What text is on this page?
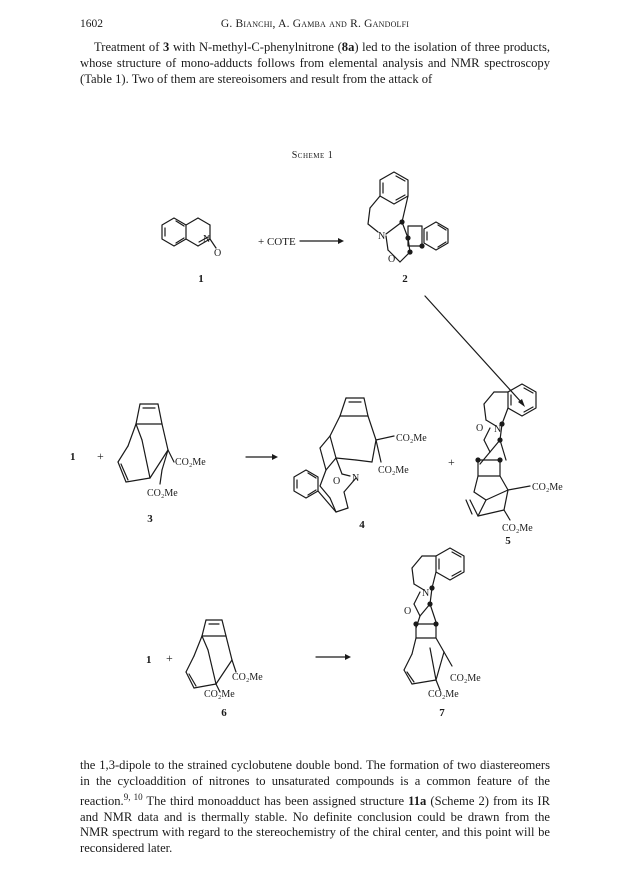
1602	G. Bianchi, A. Gamba and R. Gandolfi

Treatment of 3 with N-methyl-C-phenylnitrone (8a) led to the isolation of three products, whose structure of mono-adducts follows from elemental analysis and NMR spectroscopy (Table 1). Two of them are stereoisomers and result from the attack of

Scheme 1
N
O
1
+ COTE	N
O
2
1 +	CO₂Me
CO₂Me
3
CO₂Me
CO₂Me
O N
4
+
O N
CO₂Me
CO₂Me
5
1 +
CO₂Me
CO₂Me
6
O
N
CO₂Me
CO₂Me
7

the 1,3-dipole to the strained cyclobutene double bond. The formation of two diastereomers in the cycloaddition of nitrones to unsaturated compounds is a common feature of the reaction.$^{9, 10}$ The third monoadduct has been assigned structure 11a (Scheme 2) from its IR and NMR data and is thermally stable. No definite conclusion could be drawn from the NMR spectrum with regard to the stereochemistry of the chiral center, and this point will be reconsidered later.
